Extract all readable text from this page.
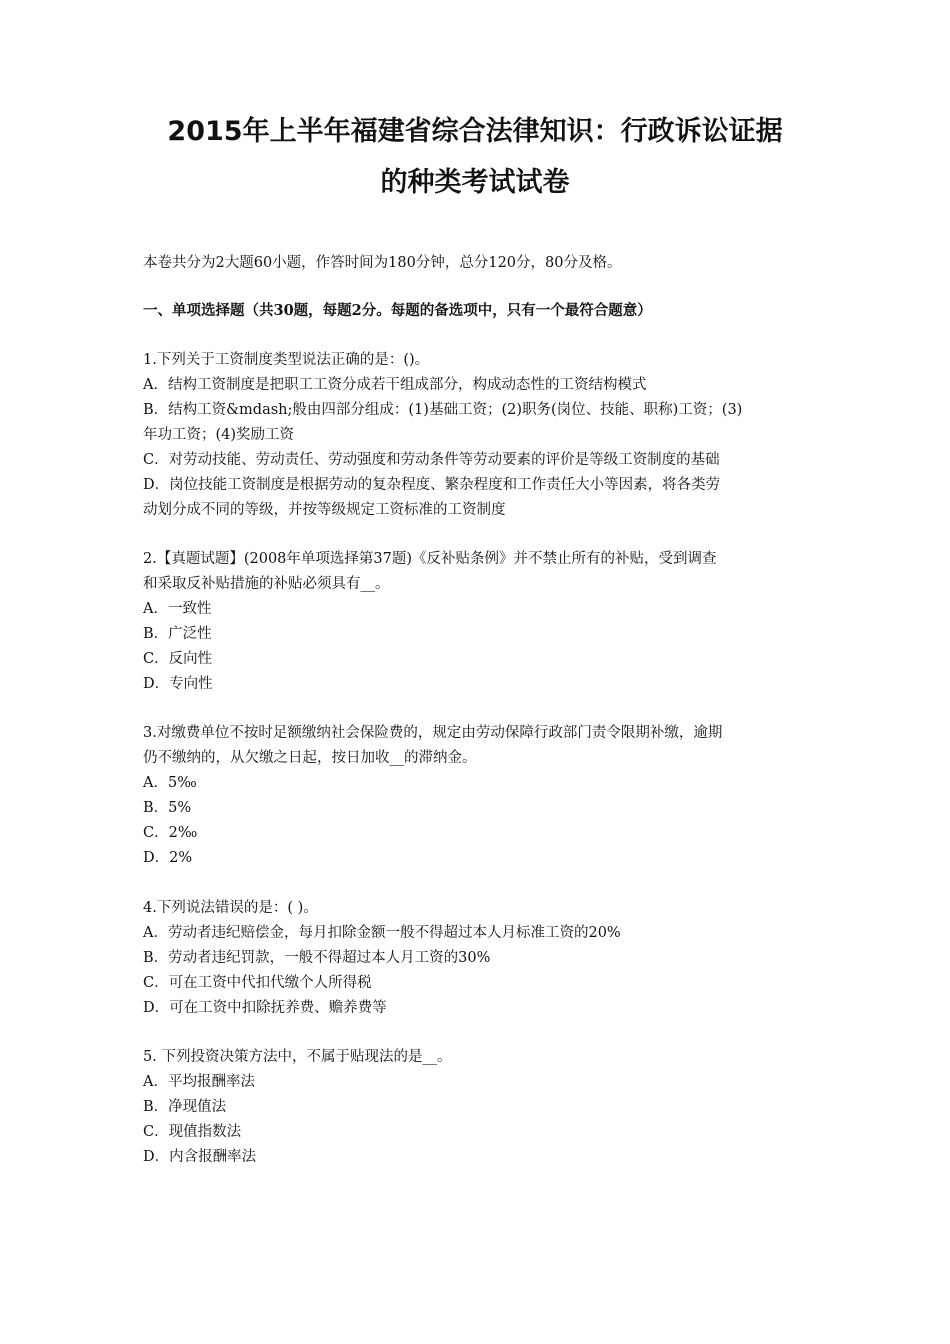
2015年上半年福建省综合法律知识：行政诉讼证据
的种类考试试卷
本卷共分为2大题60小题，作答时间为180分钟，总分120分，80分及格。
一、单项选择题（共30题，每题2分。每题的备选项中，只有一个最符合题意）
1.下列关于工资制度类型说法正确的是：()。
A．结构工资制度是把职工工资分成若干组成部分，构成动态性的工资结构模式
B．结构工资&mdash;般由四部分组成：(1)基础工资；(2)职务(岗位、技能、职称)工资；(3)
年功工资；(4)奖励工资
C．对劳动技能、劳动责任、劳动强度和劳动条件等劳动要素的评价是等级工资制度的基础
D．岗位技能工资制度是根据劳动的复杂程度、繁杂程度和工作责任大小等因素，将各类劳
动划分成不同的等级，并按等级规定工资标准的工资制度
2.【真题试题】(2008年单项选择第37题)《反补贴条例》并不禁止所有的补贴，受到调查
和采取反补贴措施的补贴必须具有__。
A．一致性
B．广泛性
C．反向性
D．专向性
3.对缴费单位不按时足额缴纳社会保险费的，规定由劳动保障行政部门责令限期补缴，逾期
仍不缴纳的，从欠缴之日起，按日加收__的滞纳金。
A．5‰
B．5%
C．2‰
D．2%
4.下列说法错误的是：( )。
A．劳动者违纪赔偿金，每月扣除金额一般不得超过本人月标准工资的20%
B．劳动者违纪罚款，一般不得超过本人月工资的30%
C．可在工资中代扣代缴个人所得税
D．可在工资中扣除抚养费、赡养费等
5. 下列投资决策方法中，不属于贴现法的是__。
A．平均报酬率法
B．净现值法
C．现值指数法
D．内含报酬率法
